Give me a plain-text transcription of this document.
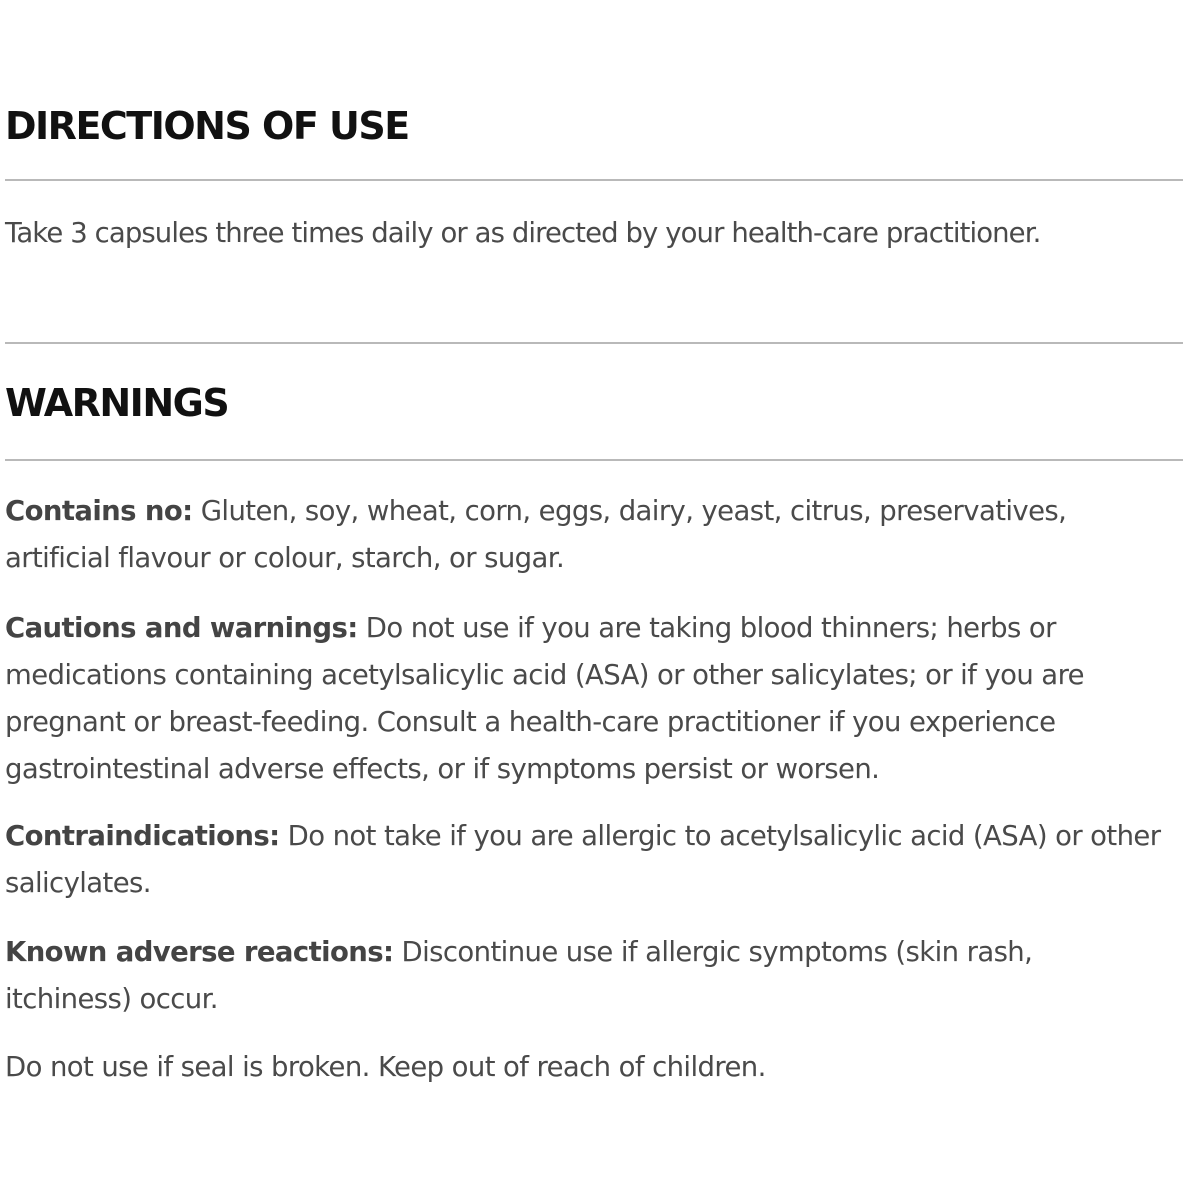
DIRECTIONS OF USE

Take 3 capsules three times daily or as directed by your health-care practitioner.

WARNINGS

Contains no: Gluten, soy, wheat, corn, eggs, dairy, yeast, citrus, preservatives, artificial flavour or colour, starch, or sugar.

Cautions and warnings: Do not use if you are taking blood thinners; herbs or medications containing acetylsalicylic acid (ASA) or other salicylates; or if you are pregnant or breast-feeding. Consult a health-care practitioner if you experience gastrointestinal adverse effects, or if symptoms persist or worsen.

Contraindications: Do not take if you are allergic to acetylsalicylic acid (ASA) or other salicylates.

Known adverse reactions: Discontinue use if allergic symptoms (skin rash, itchiness) occur.

Do not use if seal is broken. Keep out of reach of children.
